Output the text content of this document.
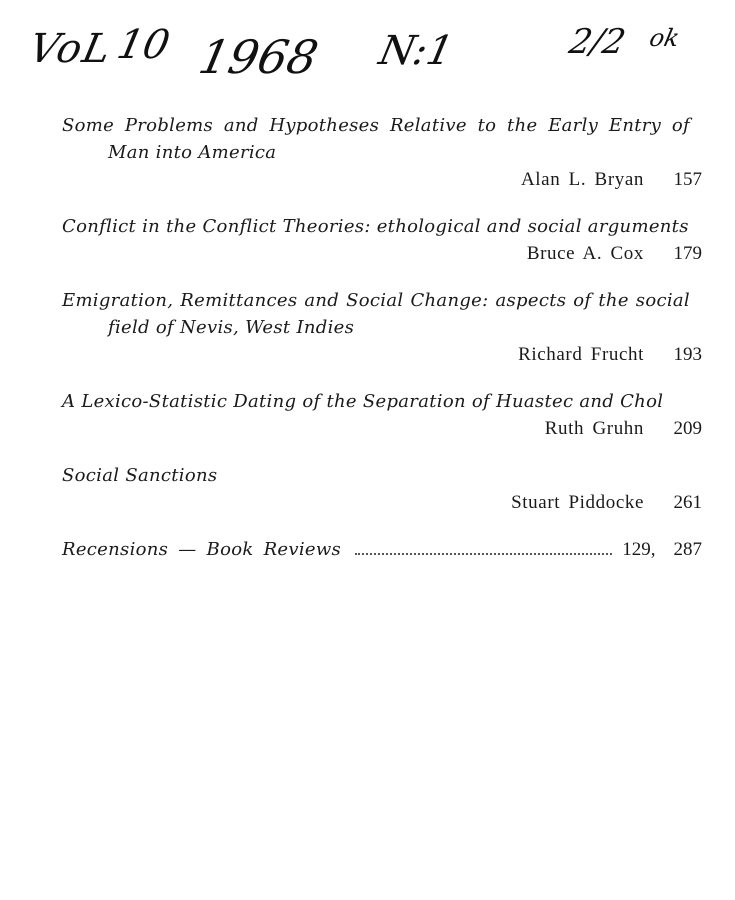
VoL
10 1968 N:1	2/2 ok
Some Problems and Hypotheses Relative to the Early Entry of Man into America
Alan L. Bryan	157
Conflict in the Conflict Theories: ethological and social arguments
Bruce A. Cox	179
Emigration, Remittances and Social Change: aspects of the social field of Nevis, West Indies
Richard Frucht	193
A Lexico-Statistic Dating of the Separation of Huastec and Chol
Ruth Gruhn	209
Social Sanctions
Stuart Piddocke	261
Recensions — Book Reviews	129, 287
